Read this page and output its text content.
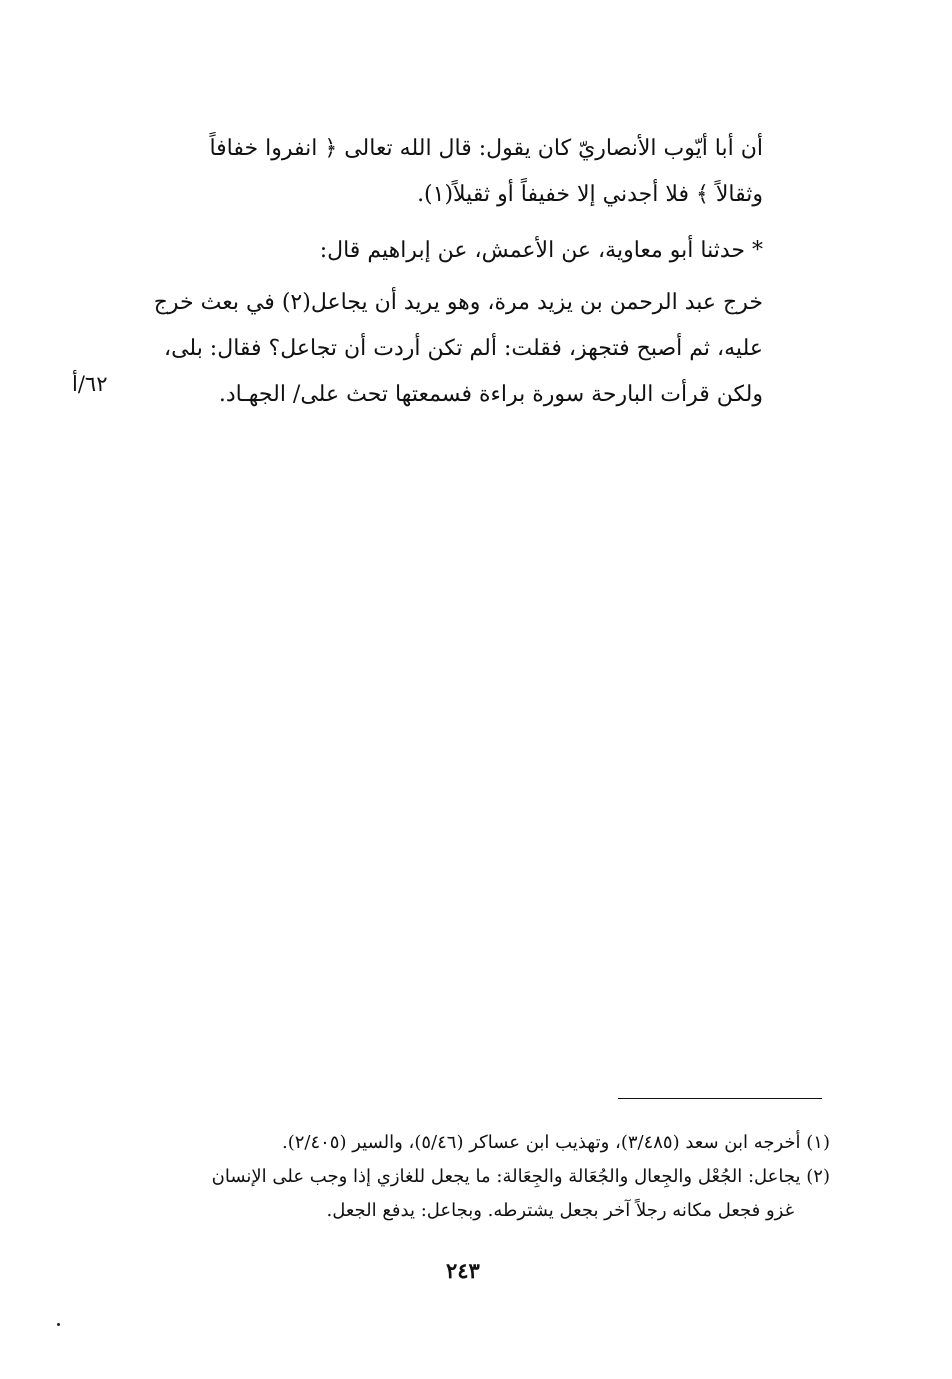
أن أبا أيّوب الأنصاريّ كان يقول: قال الله تعالى ﴿ انفروا خفافاً
وثقالاً ﴾ فلا أجدني إلا خفيفاً أو ثقيلاً(١).
* حدثنا أبو معاوية، عن الأعمش، عن إبراهيم قال:
خرج عبد الرحمن بن يزيد مرة، وهو يريد أن يجاعل(٢) في بعث خرج
عليه، ثم أصبح فتجهز، فقلت: ألم تكن أردت أن تجاعل؟ فقال: بلى،
ولكن قرأت البارحة سورة براءة فسمعتها تحث على/ الجهـاد.
٦٢/أ
(١) أخرجه ابن سعد (٣/٤٨٥)، وتهذيب ابن عساكر (٥/٤٦)، والسير (٢/٤٠٥).
(٢) يجاعل: الجُعْل والجِعال والجُعَالة والجِعَالة: ما يجعل للغازي إذا وجب على الإنسان
غزو فجعل مكانه رجلاً آخر بجعل يشترطه. وبجاعل: يدفع الجعل.
٢٤٣
